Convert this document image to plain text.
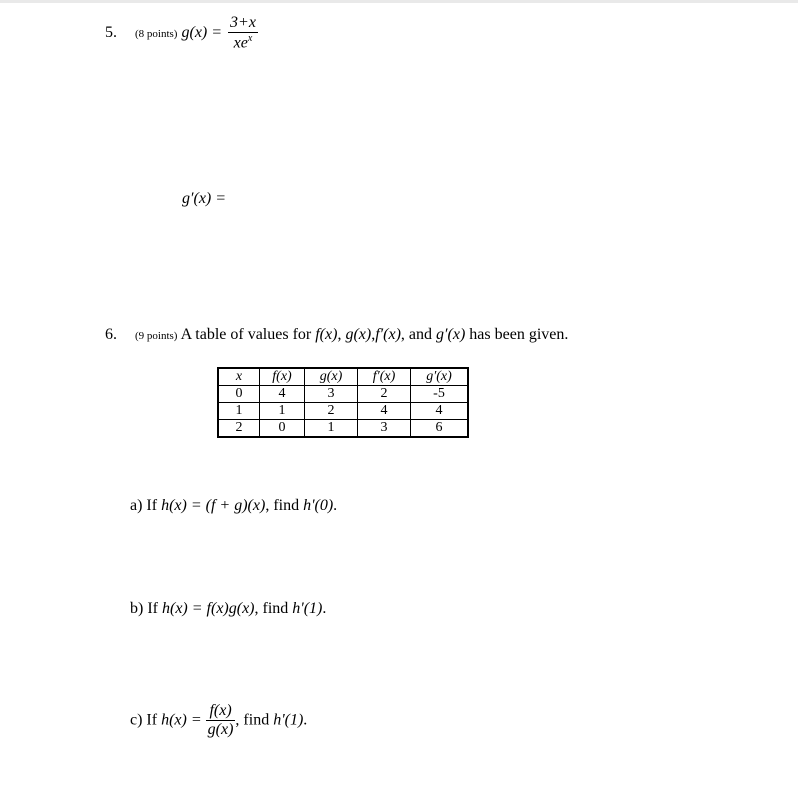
5. (8 points) $g(x) = \frac{3+x}{xe^x}$
g′(x) =
6. (9 points) A table of values for f(x), g(x),f′(x), and g′(x) has been given.
x	f(x)	g(x)	f′(x)	g′(x)
0	4	3	2	-5
1	1	2	4	4
2	0	1	3	6
a) If h(x) = (f + g)(x), find h'(0).
b) If h(x) = f(x)g(x), find h'(1).
c) If $h(x) = \frac{f(x)}{g(x)}$ , find h'(1).
